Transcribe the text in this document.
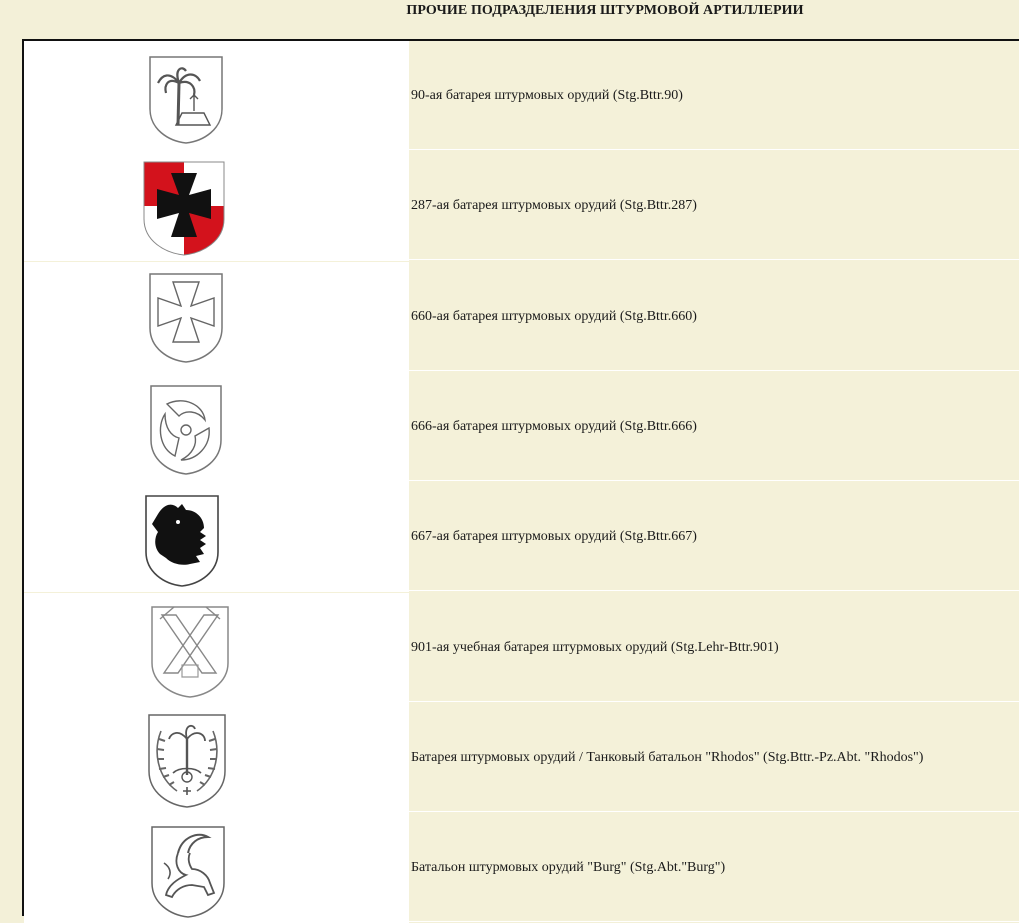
ПРОЧИЕ ПОДРАЗДЕЛЕНИЯ ШТУРМОВОЙ АРТИЛЛЕРИИ
90-ая батарея штурмовых орудий (Stg.Bttr.90)
287-ая батарея штурмовых орудий (Stg.Bttr.287)
660-ая батарея штурмовых орудий (Stg.Bttr.660)
666-ая батарея штурмовых орудий (Stg.Bttr.666)
667-ая батарея штурмовых орудий (Stg.Bttr.667)
901-ая учебная батарея штурмовых орудий (Stg.Lehr-Bttr.901)
Батарея штурмовых орудий / Танковый батальон "Rhodos" (Stg.Bttr.-Pz.Abt. "Rhodos")
Батальон штурмовых орудий "Burg" (Stg.Abt."Burg")
